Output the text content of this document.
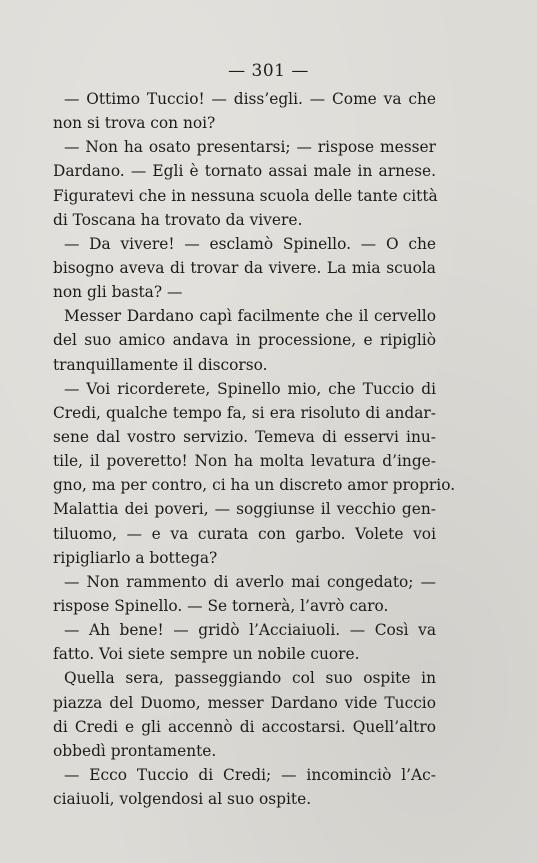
— 301 —
— Ottimo Tuccio! — diss’egli. — Come va che
non si trova con noi?
— Non ha osato presentarsi; — rispose messer
Dardano. — Egli è tornato assai male in arnese.
Figuratevi che in nessuna scuola delle tante città
di Toscana ha trovato da vivere.
— Da vivere! — esclamò Spinello. — O che
bisogno aveva di trovar da vivere. La mia scuola
non gli basta? —
Messer Dardano capì facilmente che il cervello
del suo amico andava in processione, e ripigliò
tranquillamente il discorso.
— Voi ricorderete, Spinello mio, che Tuccio di
Credi, qualche tempo fa, si era risoluto di andar-
sene dal vostro servizio. Temeva di esservi inu-
tile, il poveretto! Non ha molta levatura d’inge-
gno, ma per contro, ci ha un discreto amor proprio.
Malattia dei poveri, — soggiunse il vecchio gen-
tiluomo, — e va curata con garbo. Volete voi
ripigliarlo a bottega?
— Non rammento di averlo mai congedato; —
rispose Spinello. — Se tornerà, l’avrò caro.
— Ah bene! — gridò l’Acciaiuoli. — Così va
fatto. Voi siete sempre un nobile cuore.
Quella sera, passeggiando col suo ospite in
piazza del Duomo, messer Dardano vide Tuccio
di Credi e gli accennò di accostarsi. Quell’altro
obbedì prontamente.
— Ecco Tuccio di Credi; — incominciò l’Ac-
ciaiuoli, volgendosi al suo ospite.
